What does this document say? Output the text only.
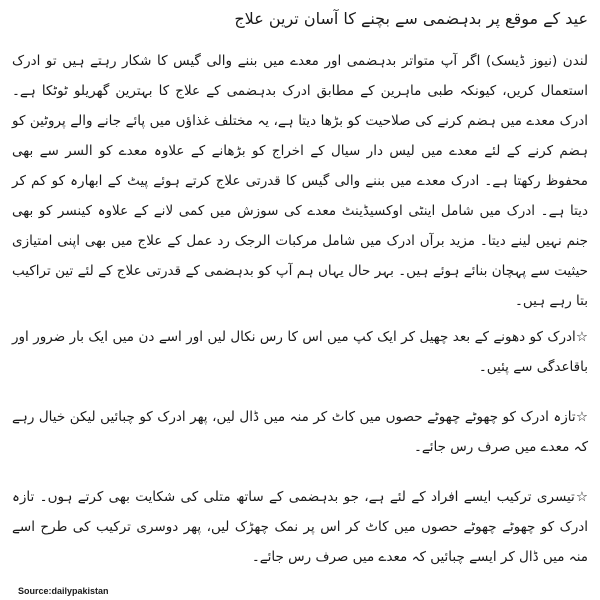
عید کے موقع پر بدہضمی سے بچنے کا آسان ترین علاج

لندن (نیوز ڈیسک) اگر آپ متواتر بدہضمی اور معدے میں بننے والی گیس کا شکار رہتے ہیں تو ادرک استعمال کریں، کیونکہ طبی ماہرین کے مطابق ادرک بدہضمی کے علاج کا بہترین گھریلو ٹوٹکا ہے۔ ادرک معدے میں ہضم کرنے کی صلاحیت کو بڑھا دیتا ہے، یہ مختلف غذاؤں میں پائے جانے والے پروٹین کو ہضم کرنے کے لئے معدے میں لیس دار سیال کے اخراج کو بڑھانے کے علاوہ معدے کو السر سے بھی محفوظ رکھتا ہے۔ ادرک معدے میں بننے والی گیس کا قدرتی علاج کرتے ہوئے پیٹ کے ابھارہ کو کم کر دیتا ہے۔ ادرک میں شامل اینٹی اوکسیڈینٹ معدے کی سوزش میں کمی لانے کے علاوہ کینسر کو بھی جنم نہیں لینے دیتا۔ مزید برآں ادرک میں شامل مرکبات الرجک رد عمل کے علاج میں بھی اپنی امتیازی حیثیت سے پہچان بنائے ہوئے ہیں۔ بہر حال یہاں ہم آپ کو بدہضمی کے قدرتی علاج کے لئے تین تراکیب بتا رہے ہیں۔

☆ادرک کو دھونے کے بعد چھیل کر ایک کپ میں اس کا رس نکال لیں اور اسے دن میں ایک بار ضرور اور باقاعدگی سے پئیں۔

☆تازہ ادرک کو چھوٹے چھوٹے حصوں میں کاٹ کر منہ میں ڈال لیں، پھر ادرک کو چبائیں لیکن خیال رہے کہ معدے میں صرف رس جائے۔

☆تیسری ترکیب ایسے افراد کے لئے ہے، جو بدہضمی کے ساتھ متلی کی شکایت بھی کرتے ہوں۔ تازہ ادرک کو چھوٹے چھوٹے حصوں میں کاٹ کر اس پر نمک چھڑک لیں، پھر دوسری ترکیب کی طرح اسے منہ میں ڈال کر ایسے چبائیں کہ معدے میں صرف رس جائے۔

Source:dailypakistan
